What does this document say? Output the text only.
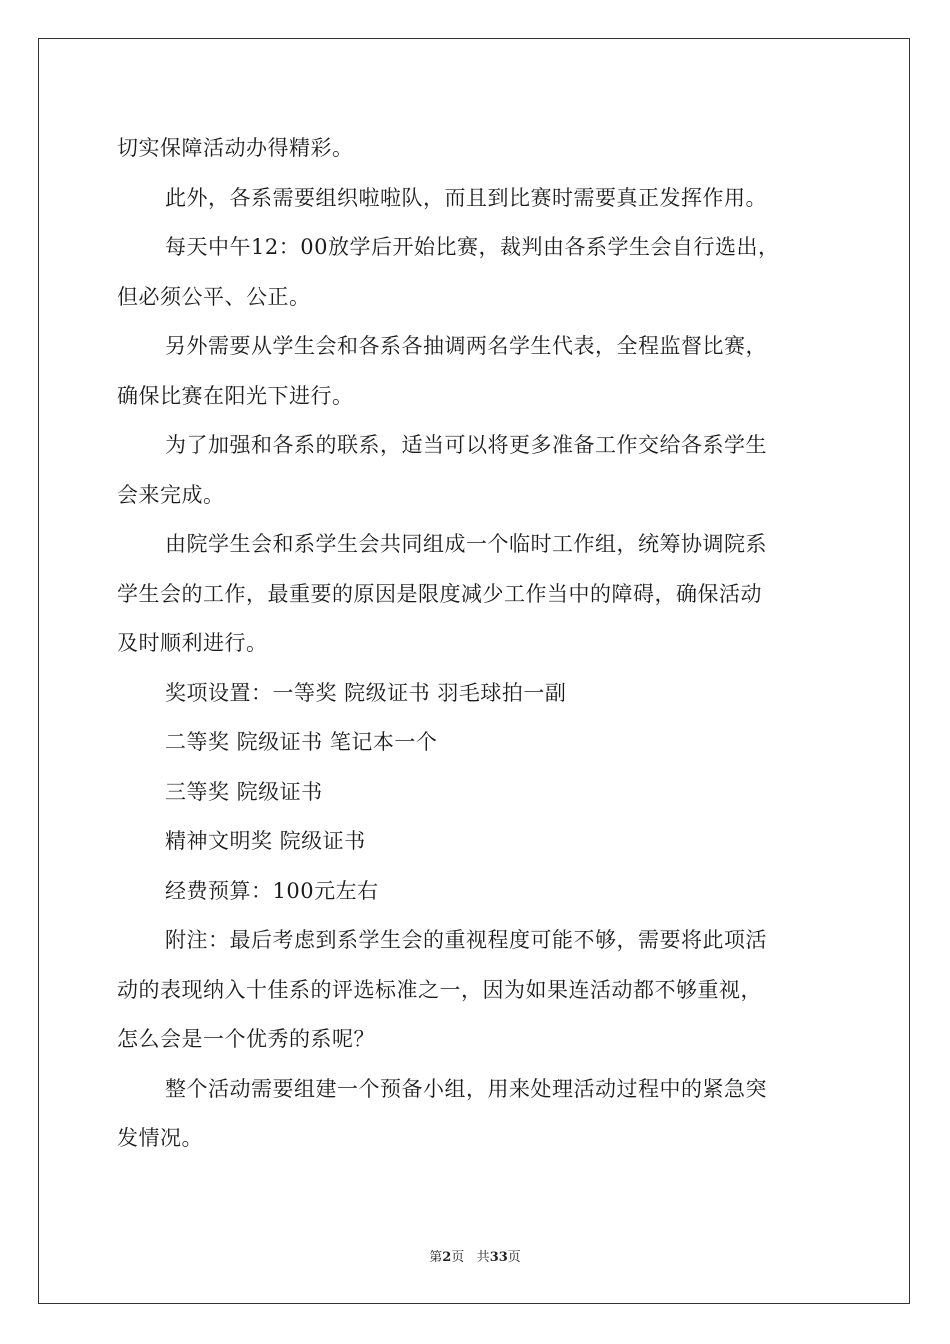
切实保障活动办得精彩。
此外，各系需要组织啦啦队，而且到比赛时需要真正发挥作用。
每天中午12：00放学后开始比赛，裁判由各系学生会自行选出，
但必须公平、公正。
另外需要从学生会和各系各抽调两名学生代表，全程监督比赛，
确保比赛在阳光下进行。
为了加强和各系的联系，适当可以将更多准备工作交给各系学生
会来完成。
由院学生会和系学生会共同组成一个临时工作组，统筹协调院系
学生会的工作，最重要的原因是限度减少工作当中的障碍，确保活动
及时顺利进行。
奖项设置：一等奖 院级证书 羽毛球拍一副
二等奖 院级证书 笔记本一个
三等奖 院级证书
精神文明奖 院级证书
经费预算：100元左右
附注：最后考虑到系学生会的重视程度可能不够，需要将此项活
动的表现纳入十佳系的评选标准之一，因为如果连活动都不够重视，
怎么会是一个优秀的系呢？
整个活动需要组建一个预备小组，用来处理活动过程中的紧急突
发情况。
第2页 共33页
